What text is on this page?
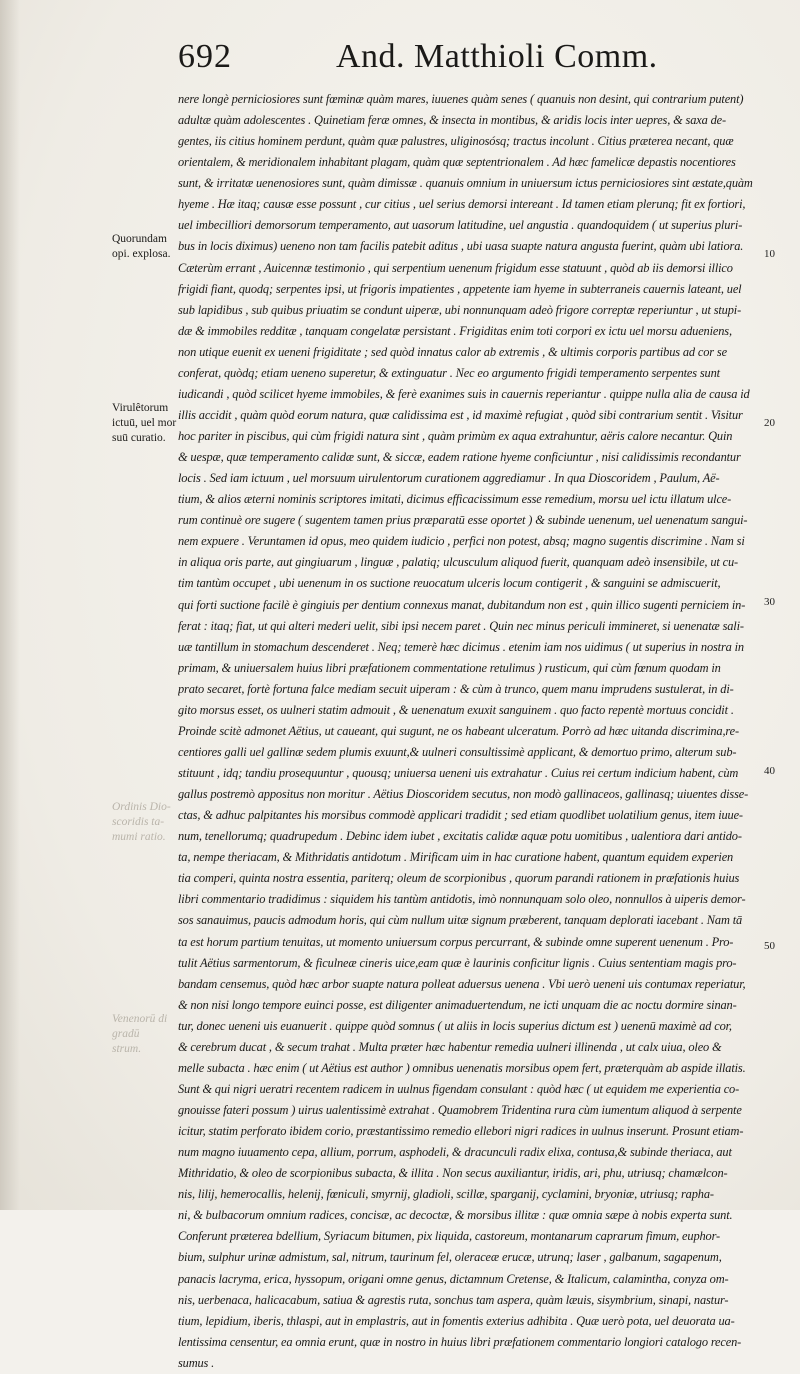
692	And. Matthioli Comm.
Quorundam
opi. explosa.
Virulêtorum
ictuū, uel mor
suū curatio.
Ordinis Dio-
scoridis ta-
mumi ratio.
Venenorū di
gradū
strum.
10
20
30
40
50
nere longè perniciosiores sunt fœminæ quàm mares, iuuenes quàm senes ( quanuis non desint, qui contrarium putent)
adultæ quàm adolescentes . Quinetiam feræ omnes, & insecta in montibus, & aridis locis inter uepres, & saxa de-
gentes, iis citius hominem perdunt, quàm quæ palustres, uliginosósq; tractus incolunt . Citius præterea necant, quæ
orientalem, & meridionalem inhabitant plagam, quàm quæ septentrionalem . Ad hæc famelicæ depastis nocentiores
sunt, & irritatæ uenenosiores sunt, quàm dimissæ . quanuis omnium in uniuersum ictus perniciosiores sint æstate,quàm
hyeme . Hæ itaq; causæ esse possunt , cur citius , uel serius demorsi intereant . Id tamen etiam plerunq; fit ex fortiori,
uel imbecilliori demorsorum temperamento, aut uasorum latitudine, uel angustia . quandoquidem ( ut superius pluri-
bus in locis diximus) ueneno non tam facilis patebit aditus , ubi uasa suapte natura angusta fuerint, quàm ubi latiora.
Cæterùm errant , Auicennæ testimonio , qui serpentium uenenum frigidum esse statuunt , quòd ab iis demorsi illico
frigidi fiant, quodq; serpentes ipsi, ut frigoris impatientes , appetente iam hyeme in subterraneis cauernis lateant, uel
sub lapidibus , sub quibus priuatim se condunt uiperæ, ubi nonnunquam adeò frigore correptæ reperiuntur , ut stupi-
dæ & immobiles redditæ , tanquam congelatæ persistant . Frigiditas enim toti corpori ex ictu uel morsu adueniens,
non utique euenit ex ueneni frigiditate ; sed quòd innatus calor ab extremis , & ultimis corporis partibus ad cor se
conferat, quòdq; etiam ueneno superetur, & extinguatur . Nec eo argumento frigidi temperamento serpentes sunt
iudicandi , quòd scilicet hyeme immobiles, & ferè exanimes suis in cauernis reperiantur . quippe nulla alia de causa id
illis accidit , quàm quòd eorum natura, quæ calidissima est , id maximè refugiat , quòd sibi contrarium sentit . Visitur
hoc pariter in piscibus, qui cùm frigidi natura sint , quàm primùm ex aqua extrahuntur, aëris calore necantur. Quin
& uespæ, quæ temperamento calidæ sunt, & siccæ, eadem ratione hyeme conficiuntur , nisi calidissimis recondantur
locis . Sed iam ictuum , uel morsuum uirulentorum curationem aggrediamur . In qua Dioscoridem , Paulum, Aë-
tium, & alios æterni nominis scriptores imitati, dicimus efficacissimum esse remedium, morsu uel ictu illatum ulce-
rum continuè ore sugere ( sugentem tamen prius præparatū esse oportet ) & subinde uenenum, uel uenenatum sangui-
nem expuere . Veruntamen id opus, meo quidem iudicio , perfici non potest, absq; magno sugentis discrimine . Nam si
in aliqua oris parte, aut gingiuarum , linguæ , palatiq; ulcusculum aliquod fuerit, quanquam adeò insensibile, ut cu-
tim tantùm occupet , ubi uenenum in os suctione reuocatum ulceris locum contigerit , & sanguini se admiscuerit,
qui forti suctione facilè è gingiuis per dentium connexus manat, dubitandum non est , quin illico sugenti perniciem in-
ferat : itaq; fiat, ut qui alteri mederi uelit, sibi ipsi necem paret . Quin nec minus periculi immineret, si uenenatæ sali-
uæ tantillum in stomachum descenderet . Neq; temerè hæc dicimus . etenim iam nos uidimus ( ut superius in nostra in
primam, & uniuersalem huius libri præfationem commentatione retulimus ) rusticum, qui cùm fœnum quodam in
prato secaret, fortè fortuna falce mediam secuit uiperam : & cùm à trunco, quem manu imprudens sustulerat, in di-
gito morsus esset, os uulneri statim admouit , & uenenatum exuxit sanguinem . quo facto repentè mortuus concidit .
Proinde scitè admonet Aëtius, ut caueant, qui sugunt, ne os habeant ulceratum. Porrò ad hæc uitanda discrimina,re-
centiores galli uel gallinæ sedem plumis exuunt,& uulneri consultissimè applicant, & demortuo primo, alterum sub-
stituunt , idq; tandiu prosequuntur , quousq; uniuersa ueneni uis extrahatur . Cuius rei certum indicium habent, cùm
gallus postremò appositus non moritur . Aëtius Dioscoridem secutus, non modò gallinaceos, gallinasq; uiuentes disse-
ctas, & adhuc palpitantes his morsibus commodè applicari tradidit ; sed etiam quodlibet uolatilium genus, item iuue-
num, tenellorumq; quadrupedum . Debinc idem iubet , excitatis calidæ aquæ potu uomitibus , ualentiora dari antido-
ta, nempe theriacam, & Mithridatis antidotum . Mirificam uim in hac curatione habent, quantum equidem experien
tia comperi, quinta nostra essentia, pariterq; oleum de scorpionibus , quorum parandi rationem in præfationis huius
libri commentario tradidimus : siquidem his tantùm antidotis, imò nonnunquam solo oleo, nonnullos à uiperis demor-
sos sanauimus, paucis admodum horis, qui cùm nullum uitæ signum præberent, tanquam deplorati iacebant . Nam tā
ta est horum partium tenuitas, ut momento uniuersum corpus percurrant, & subinde omne superent uenenum . Pro-
tulit Aëtius sarmentorum, & ficulneæ cineris uice,eam quæ è laurinis conficitur lignis . Cuius sententiam magis pro-
bandam censemus, quòd hæc arbor suapte natura polleat aduersus uenena . Vbi uerò ueneni uis contumax reperiatur,
& non nisi longo tempore euinci posse, est diligenter animaduertendum, ne icti unquam die ac noctu dormire sinan-
tur, donec ueneni uis euanuerit . quippe quòd somnus ( ut aliis in locis superius dictum est ) uenenū maximè ad cor,
& cerebrum ducat , & secum trahat . Multa præter hæc habentur remedia uulneri illinenda , ut calx uiua, oleo &
melle subacta . hæc enim ( ut Aëtius est author ) omnibus uenenatis morsibus opem fert, præterquàm ab aspide illatis.
Sunt & qui nigri ueratri recentem radicem in uulnus figendam consulant : quòd hæc ( ut equidem me experientia co-
gnouisse fateri possum ) uirus ualentissimè extrahat . Quamobrem Tridentina rura cùm iumentum aliquod à serpente
icitur, statim perforato ibidem corio, præstantissimo remedio ellebori nigri radices in uulnus inserunt. Prosunt etiam-
num magno iuuamento cepa, allium, porrum, asphodeli, & dracunculi radix elixa, contusa,& subinde theriaca, aut
Mithridatio, & oleo de scorpionibus subacta, & illita . Non secus auxiliantur, iridis, ari, phu, utriusq; chamælcon-
nis, lilij, hemerocallis, helenij, fœniculi, smyrnij, gladioli, scillæ, sparganij, cyclamini, bryoniæ, utriusq; rapha-
ni, & bulbacorum omnium radices, concisæ, ac decoctæ, & morsibus illitæ : quæ omnia sæpe à nobis experta sunt.
Conferunt præterea bdellium, Syriacum bitumen, pix liquida, castoreum, montanarum caprarum fimum, euphor-
bium, sulphur urinæ admistum, sal, nitrum, taurinum fel, oleraceæ erucæ, utrunq; laser , galbanum, sagapenum,
panacis lacryma, erica, hyssopum, origani omne genus, dictamnum Cretense, & Italicum, calamintha, conyza om-
nis, uerbenaca, halicacabum, satiua & agrestis ruta, sonchus tam aspera, quàm læuis, sisymbrium, sinapi, nastur-
tium, lepidium, iberis, thlaspi, aut in emplastris, aut in fomentis exterius adhibita . Quæ uerò pota, uel deuorata ua-
lentissima censentur, ea omnia erunt, quæ in nostro in huius libri præfationem commentario longiori catalogo recen-
sumus .
